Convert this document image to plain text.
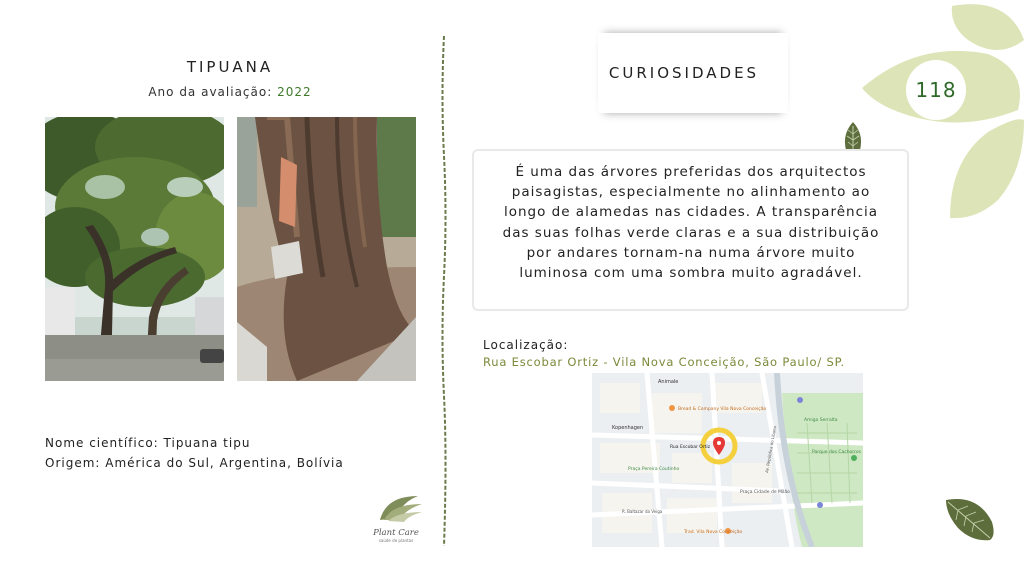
TIPUANA
Ano da avaliação: 2022
Nome científico: Tipuana tipu
Origem: América do Sul, Argentina, Bolívia
Plant Care
saúde de plantas
CURIOSIDADES
118

É uma das árvores preferidas dos arquitectos paisagistas, especialmente no alinhamento ao longo de alamedas nas cidades. A transparência das suas folhas verde claras e a sua distribuição por andares tornam-na numa árvore muito luminosa com uma sombra muito agradável.

Localização:
Rua Escobar Ortiz - Vila Nova Conceição, São Paulo/ SP.
Animale
Bread & Company Vila Nova Conceição
Kopenhagen
Rua Escobar Ortiz
Praça Pereira Coutinho
Praça Cidade de Milão
Trad. Vila Nova Conceição
Amigo Serralta
Parque dos Cachorros
R. Baltazar da Veiga
Av. República do Líbano
